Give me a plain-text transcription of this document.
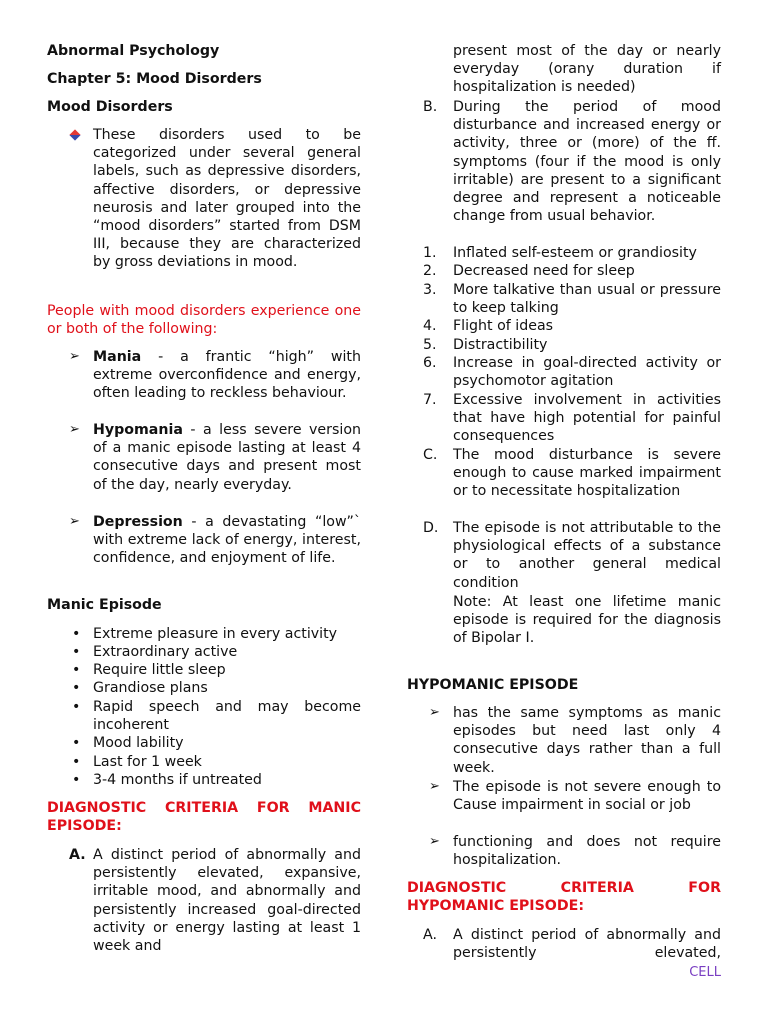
Abnormal Psychology
Chapter 5: Mood Disorders
Mood Disorders
These disorders used to be categorized under several general labels, such as depressive disorders, affective disorders, or depressive neurosis and later grouped into the “mood disorders” started from DSM III, because they are characterized by gross deviations in mood.
People with mood disorders experience one or both of the following:
➢ Mania - a frantic “high” with extreme overconfidence and energy, often leading to reckless behaviour.
➢ Hypomania - a less severe version of a manic episode lasting at least 4 consecutive days and present most of the day, nearly everyday.
➢ Depression - a devastating “low”` with extreme lack of energy, interest, confidence, and enjoyment of life.
Manic Episode
• Extreme pleasure in every activity
• Extraordinary active
• Require little sleep
• Grandiose plans
• Rapid speech and may become incoherent
• Mood lability
• Last for 1 week
• 3-4 months if untreated
DIAGNOSTIC CRITERIA FOR MANIC EPISODE:
A. A distinct period of abnormally and persistently elevated, expansive, irritable mood, and abnormally and persistently increased goal-directed activity or energy lasting at least 1 week and
present most of the day or nearly everyday (orany duration if hospitalization is needed)
B.	During the period of mood disturbance and increased energy or activity, three or (more) of the ff. symptoms (four if the mood is only irritable) are present to a significant degree and represent a noticeable change from usual behavior.
1.	Inflated self-esteem or grandiosity
2.	Decreased need for sleep
3.	More talkative than usual or pressure to keep talking
4.	Flight of ideas
5.	Distractibility
6.	Increase in goal-directed activity or psychomotor agitation
7.	Excessive involvement in activities that have high potential for painful consequences
C.	The mood disturbance is severe enough to cause marked impairment or to necessitate hospitalization
D.	The episode is not attributable to the physiological effects of a substance or to another general medical condition
Note: At least one lifetime manic episode is required for the diagnosis of Bipolar I.
HYPOMANIC EPISODE
➢ has the same symptoms as manic episodes but need last only 4 consecutive days rather than a full week.
➢ The episode is not severe enough to Cause impairment in social or job
➢ functioning and does not require hospitalization.
DIAGNOSTIC CRITERIA FOR HYPOMANIC EPISODE:
A.	A distinct period of abnormally and persistently elevated,
CELL
